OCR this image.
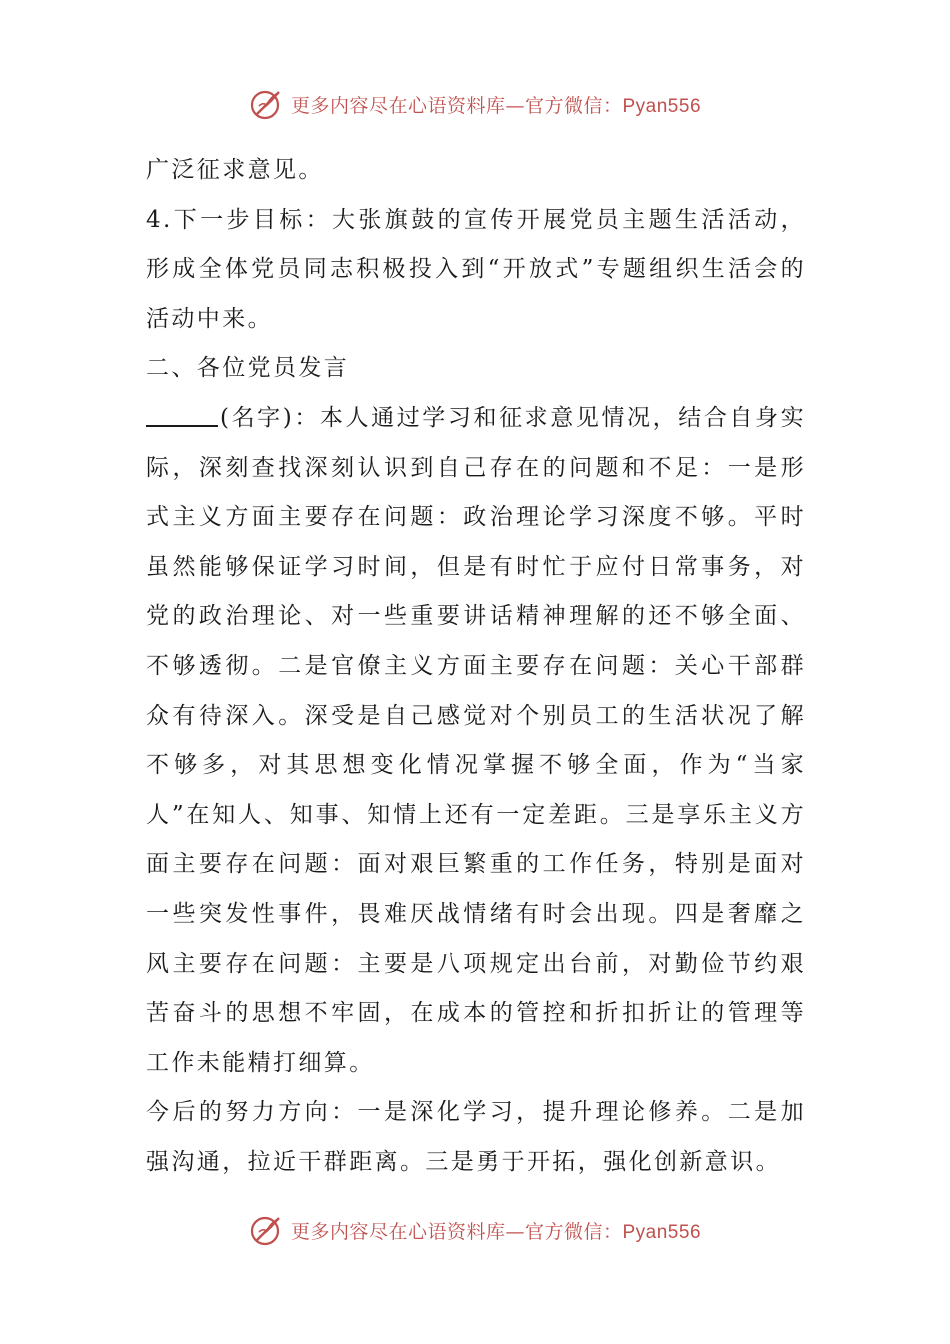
更多内容尽在心语资料库—官方微信：Pyan556

广泛征求意见。

4.下一步目标：大张旗鼓的宣传开展党员主题生活活动，形成全体党员同志积极投入到“开放式”专题组织生活会的活动中来。

二、各位党员发言

(名字)：本人通过学习和征求意见情况，结合自身实际，深刻查找深刻认识到自己存在的问题和不足：一是形式主义方面主要存在问题：政治理论学习深度不够。平时虽然能够保证学习时间，但是有时忙于应付日常事务，对党的政治理论、对一些重要讲话精神理解的还不够全面、不够透彻。二是官僚主义方面主要存在问题：关心干部群众有待深入。深受是自己感觉对个别员工的生活状况了解不够多，对其思想变化情况掌握不够全面，作为“当家人”在知人、知事、知情上还有一定差距。三是享乐主义方面主要存在问题：面对艰巨繁重的工作任务，特别是面对一些突发性事件，畏难厌战情绪有时会出现。四是奢靡之风主要存在问题：主要是八项规定出台前，对勤俭节约艰苦奋斗的思想不牢固，在成本的管控和折扣折让的管理等工作未能精打细算。

今后的努力方向：一是深化学习，提升理论修养。二是加强沟通，拉近干群距离。三是勇于开拓，强化创新意识。

更多内容尽在心语资料库—官方微信：Pyan556
